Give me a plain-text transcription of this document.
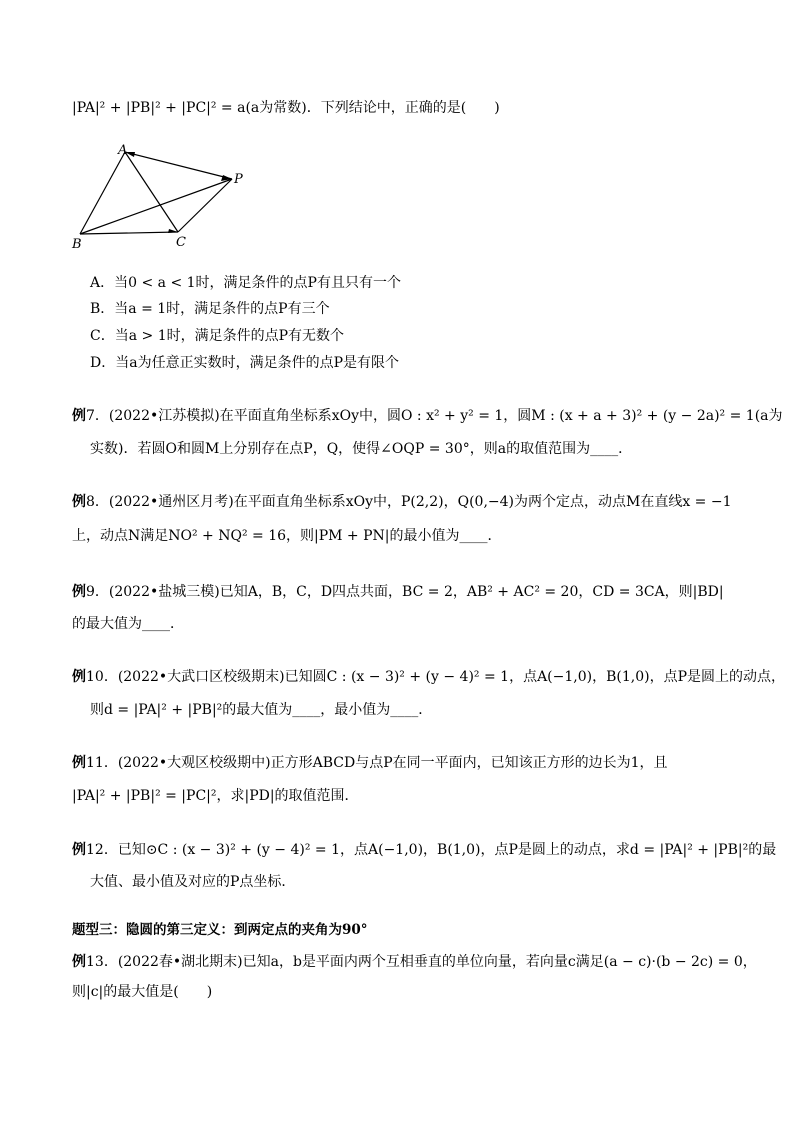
|PA|² + |PB|² + |PC|² = a(a为常数)．下列结论中，正确的是(　　)
A
P
B	C
A．当0 < a < 1时，满足条件的点P有且只有一个
B．当a = 1时，满足条件的点P有三个
C．当a > 1时，满足条件的点P有无数个
D．当a为任意正实数时，满足条件的点P是有限个
例7．(2022•江苏模拟)在平面直角坐标系xOy中，圆O : x² + y² = 1，圆M : (x + a + 3)² + (y − 2a)² = 1(a为
实数)．若圆O和圆M上分别存在点P，Q，使得∠OQP = 30°，则a的取值范围为____．
例8．(2022•通州区月考)在平面直角坐标系xOy中，P(2,2)，Q(0,−4)为两个定点，动点M在直线x = −1
上，动点N满足NO² + NQ² = 16，则|PM + PN|的最小值为____．
例9．(2022•盐城三模)已知A，B，C，D四点共面，BC = 2，AB² + AC² = 20，CD = 3CA，则|BD|
的最大值为____．
例10．(2022•大武口区校级期末)已知圆C : (x − 3)² + (y − 4)² = 1，点A(−1,0)，B(1,0)，点P是圆上的动点，
则d = |PA|² + |PB|²的最大值为____，最小值为____．
例11．(2022•大观区校级期中)正方形ABCD与点P在同一平面内，已知该正方形的边长为1，且
|PA|² + |PB|² = |PC|²，求|PD|的取值范围．
例12．已知⊙C : (x − 3)² + (y − 4)² = 1，点A(−1,0)，B(1,0)，点P是圆上的动点，求d = |PA|² + |PB|²的最
大值、最小值及对应的P点坐标．
题型三：隐圆的第三定义：到两定点的夹角为90°
例13．(2022春•湖北期末)已知a，b是平面内两个互相垂直的单位向量，若向量c满足(a − c)·(b − 2c) = 0，
则|c|的最大值是(　　)
